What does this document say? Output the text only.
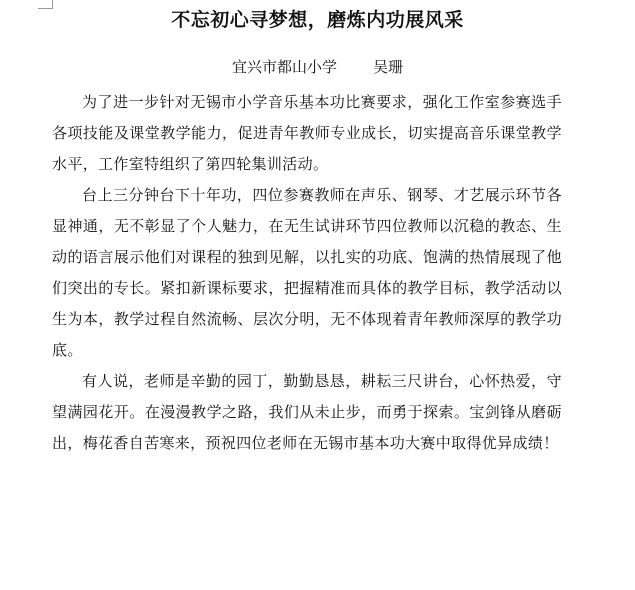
不忘初心寻梦想，磨炼内功展风采
宜兴市都山小学 吴珊

为了进一步针对无锡市小学音乐基本功比赛要求，强化工作室参赛选手各项技能及课堂教学能力，促进青年教师专业成长，切实提高音乐课堂教学水平，工作室特组织了第四轮集训活动。

台上三分钟台下十年功，四位参赛教师在声乐、钢琴、才艺展示环节各显神通，无不彰显了个人魅力，在无生试讲环节四位教师以沉稳的教态、生动的语言展示他们对课程的独到见解，以扎实的功底、饱满的热情展现了他们突出的专长。紧扣新课标要求，把握精准而具体的教学目标，教学活动以生为本，教学过程自然流畅、层次分明，无不体现着青年教师深厚的教学功底。

有人说，老师是辛勤的园丁，勤勤恳恳，耕耘三尺讲台，心怀热爱，守望满园花开。在漫漫教学之路，我们从未止步，而勇于探索。宝剑锋从磨砺出，梅花香自苦寒来，预祝四位老师在无锡市基本功大赛中取得优异成绩！
